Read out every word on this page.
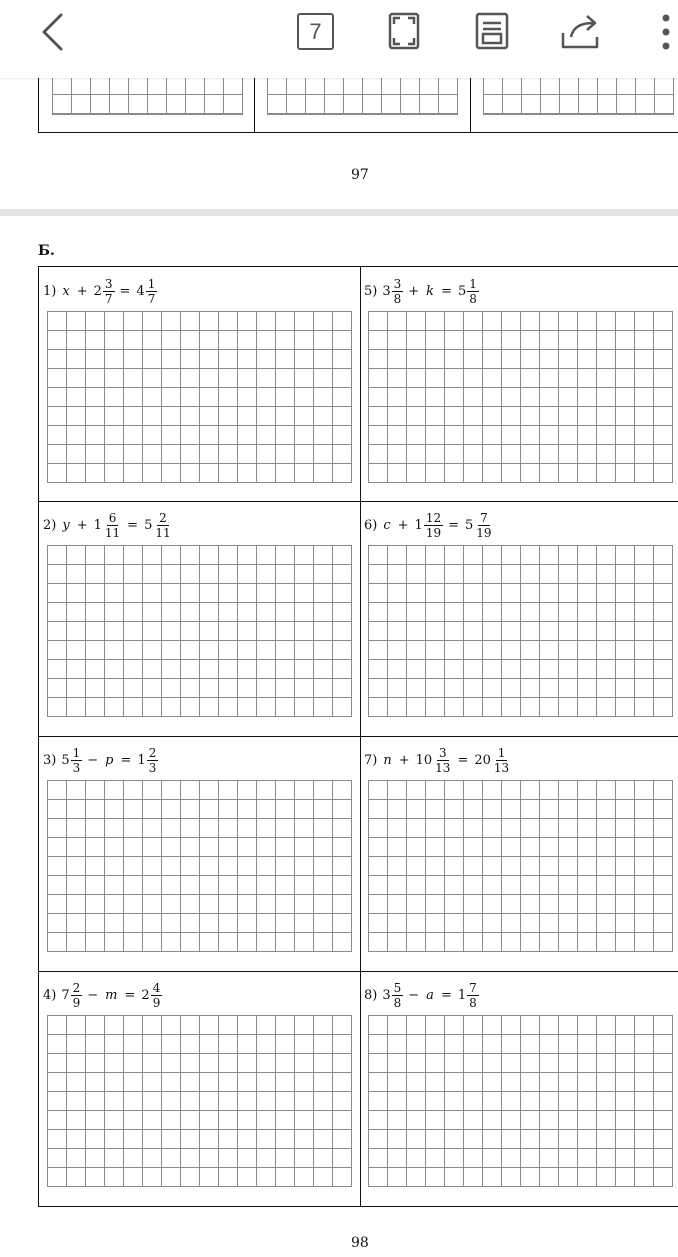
7
97
Б.
1) $x + 2 \frac{3}{7} = 4 \frac{1}{7}$	5) $3 \frac{3}{8} + k = 5 \frac{1}{8}$
2) $y + 1 \frac{6}{11} = 5 \frac{2}{11}$	6) $c + 1 \frac{12}{19} = 5 \frac{7}{19}$
3) $5 \frac{1}{3} - p = 1 \frac{2}{3}$	7) $n + 10 \frac{3}{13} = 20 \frac{1}{13}$
4) $7 \frac{2}{9} - m = 2 \frac{4}{9}$	8) $3 \frac{5}{8} - a = 1 \frac{7}{8}$
98
